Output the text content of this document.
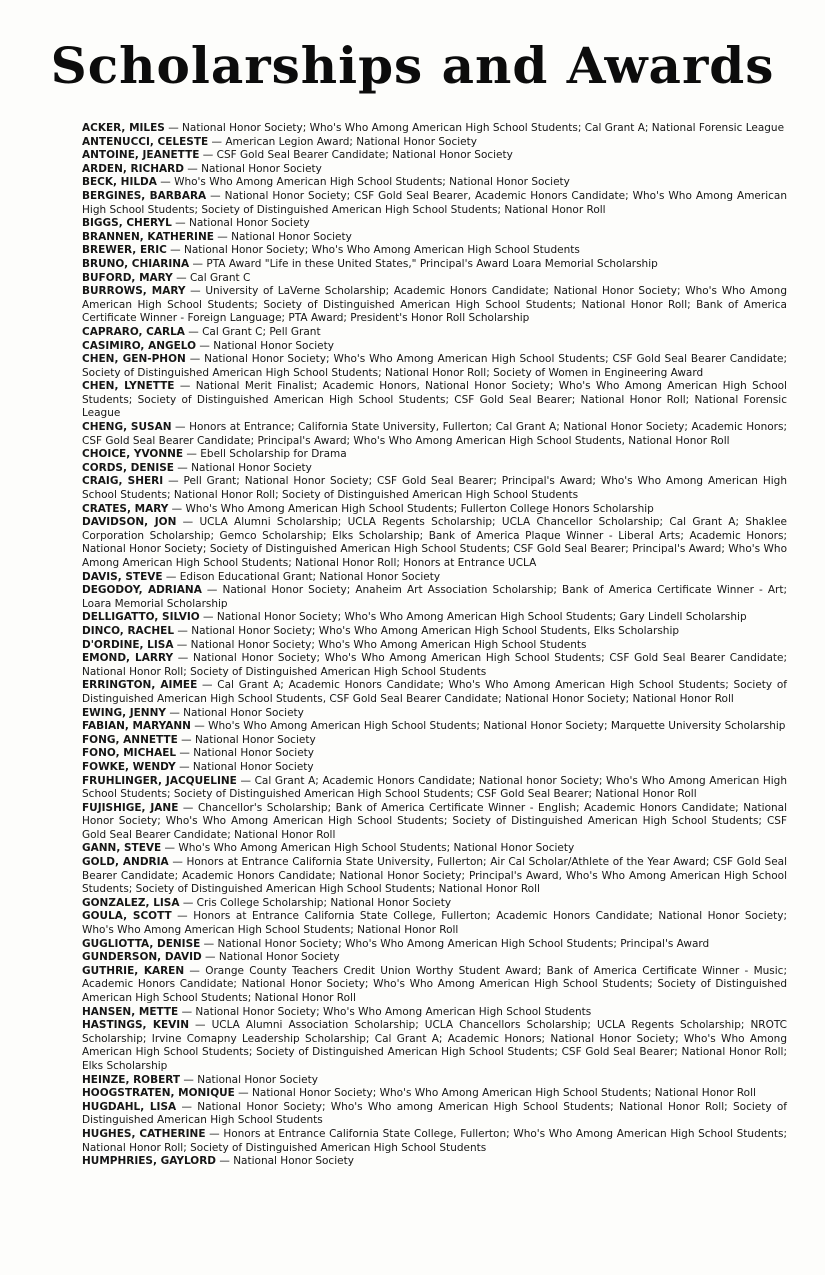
Scholarships and Awards

ACKER, MILES — National Honor Society; Who's Who Among American High School Students; Cal Grant A; National Forensic League

ANTENUCCI, CELESTE — American Legion Award; National Honor Society

ANTOINE, JEANETTE — CSF Gold Seal Bearer Candidate; National Honor Society

ARDEN, RICHARD — National Honor Society

BECK, HILDA — Who's Who Among American High School Students; National Honor Society

BERGINES, BARBARA — National Honor Society; CSF Gold Seal Bearer, Academic Honors Candidate; Who's Who Among American High School Students; Society of Distinguished American High School Students; National Honor Roll

BIGGS, CHERYL — National Honor Society

BRANNEN, KATHERINE — National Honor Society

BREWER, ERIC — National Honor Society; Who's Who Among American High School Students

BRUNO, CHIARINA — PTA Award "Life in these United States," Principal's Award Loara Memorial Scholarship

BUFORD, MARY — Cal Grant C

BURROWS, MARY — University of LaVerne Scholarship; Academic Honors Candidate; National Honor Society; Who's Who Among American High School Students; Society of Distinguished American High School Students; National Honor Roll; Bank of America Certificate Winner - Foreign Language; PTA Award; President's Honor Roll Scholarship

CAPRARO, CARLA — Cal Grant C; Pell Grant

CASIMIRO, ANGELO — National Honor Society

CHEN, GEN-PHON — National Honor Society; Who's Who Among American High School Students; CSF Gold Seal Bearer Candidate; Society of Distinguished American High School Students; National Honor Roll; Society of Women in Engineering Award

CHEN, LYNETTE — National Merit Finalist; Academic Honors, National Honor Society; Who's Who Among American High School Students; Society of Distinguished American High School Students; CSF Gold Seal Bearer; National Honor Roll; National Forensic League

CHENG, SUSAN — Honors at Entrance; California State University, Fullerton; Cal Grant A; National Honor Society; Academic Honors; CSF Gold Seal Bearer Candidate; Principal's Award; Who's Who Among American High School Students, National Honor Roll

CHOICE, YVONNE — Ebell Scholarship for Drama

CORDS, DENISE — National Honor Society

CRAIG, SHERI — Pell Grant; National Honor Society; CSF Gold Seal Bearer; Principal's Award; Who's Who Among American High School Students; National Honor Roll; Society of Distinguished American High School Students

CRATES, MARY — Who's Who Among American High School Students; Fullerton College Honors Scholarship

DAVIDSON, JON — UCLA Alumni Scholarship; UCLA Regents Scholarship; UCLA Chancellor Scholarship; Cal Grant A; Shaklee Corporation Scholarship; Gemco Scholarship; Elks Scholarship; Bank of America Plaque Winner - Liberal Arts; Academic Honors; National Honor Society; Society of Distinguished American High School Students; CSF Gold Seal Bearer; Principal's Award; Who's Who Among American High School Students; National Honor Roll; Honors at Entrance UCLA

DAVIS, STEVE — Edison Educational Grant; National Honor Society

DEGODOY, ADRIANA — National Honor Society; Anaheim Art Association Scholarship; Bank of America Certificate Winner - Art; Loara Memorial Scholarship

DELLIGATTO, SILVIO — National Honor Society; Who's Who Among American High School Students; Gary Lindell Scholarship

DINCO, RACHEL — National Honor Society; Who's Who Among American High School Students, Elks Scholarship

D'ORDINE, LISA — National Honor Society; Who's Who Among American High School Students

EMOND, LARRY — National Honor Society; Who's Who Among American High School Students; CSF Gold Seal Bearer Candidate; National Honor Roll; Society of Distinguished American High School Students

ERRINGTON, AIMEE — Cal Grant A; Academic Honors Candidate; Who's Who Among American High School Students; Society of Distinguished American High School Students, CSF Gold Seal Bearer Candidate; National Honor Society; National Honor Roll

EWING, JENNY — National Honor Society

FABIAN, MARYANN — Who's Who Among American High School Students; National Honor Society; Marquette University Scholarship

FONG, ANNETTE — National Honor Society

FONO, MICHAEL — National Honor Society

FOWKE, WENDY — National Honor Society

FRUHLINGER, JACQUELINE — Cal Grant A; Academic Honors Candidate; National honor Society; Who's Who Among American High School Students; Society of Distinguished American High School Students; CSF Gold Seal Bearer; National Honor Roll

FUJISHIGE, JANE — Chancellor's Scholarship; Bank of America Certificate Winner - English; Academic Honors Candidate; National Honor Society; Who's Who Among American High School Students; Society of Distinguished American High School Students; CSF Gold Seal Bearer Candidate; National Honor Roll

GANN, STEVE — Who's Who Among American High School Students; National Honor Society

GOLD, ANDRIA — Honors at Entrance California State University, Fullerton; Air Cal Scholar/Athlete of the Year Award; CSF Gold Seal Bearer Candidate; Academic Honors Candidate; National Honor Society; Principal's Award, Who's Who Among American High School Students; Society of Distinguished American High School Students; National Honor Roll

GONZALEZ, LISA — Cris College Scholarship; National Honor Society

GOULA, SCOTT — Honors at Entrance California State College, Fullerton; Academic Honors Candidate; National Honor Society; Who's Who Among American High School Students; National Honor Roll

GUGLIOTTA, DENISE — National Honor Society; Who's Who Among American High School Students; Principal's Award

GUNDERSON, DAVID — National Honor Society

GUTHRIE, KAREN — Orange County Teachers Credit Union Worthy Student Award; Bank of America Certificate Winner - Music; Academic Honors Candidate; National Honor Society; Who's Who Among American High School Students; Society of Distinguished American High School Students; National Honor Roll

HANSEN, METTE — National Honor Society; Who's Who Among American High School Students

HASTINGS, KEVIN — UCLA Alumni Association Scholarship; UCLA Chancellors Scholarship; UCLA Regents Scholarship; NROTC Scholarship; Irvine Comapny Leadership Scholarship; Cal Grant A; Academic Honors; National Honor Society; Who's Who Among American High School Students; Society of Distinguished American High School Students; CSF Gold Seal Bearer; National Honor Roll; Elks Scholarship

HEINZE, ROBERT — National Honor Society

HOOGSTRATEN, MONIQUE — National Honor Society; Who's Who Among American High School Students; National Honor Roll

HUGDAHL, LISA — National Honor Society; Who's Who among American High School Students; National Honor Roll; Society of Distinguished American High School Students

HUGHES, CATHERINE — Honors at Entrance California State College, Fullerton; Who's Who Among American High School Students; National Honor Roll; Society of Distinguished American High School Students

HUMPHRIES, GAYLORD — National Honor Society
